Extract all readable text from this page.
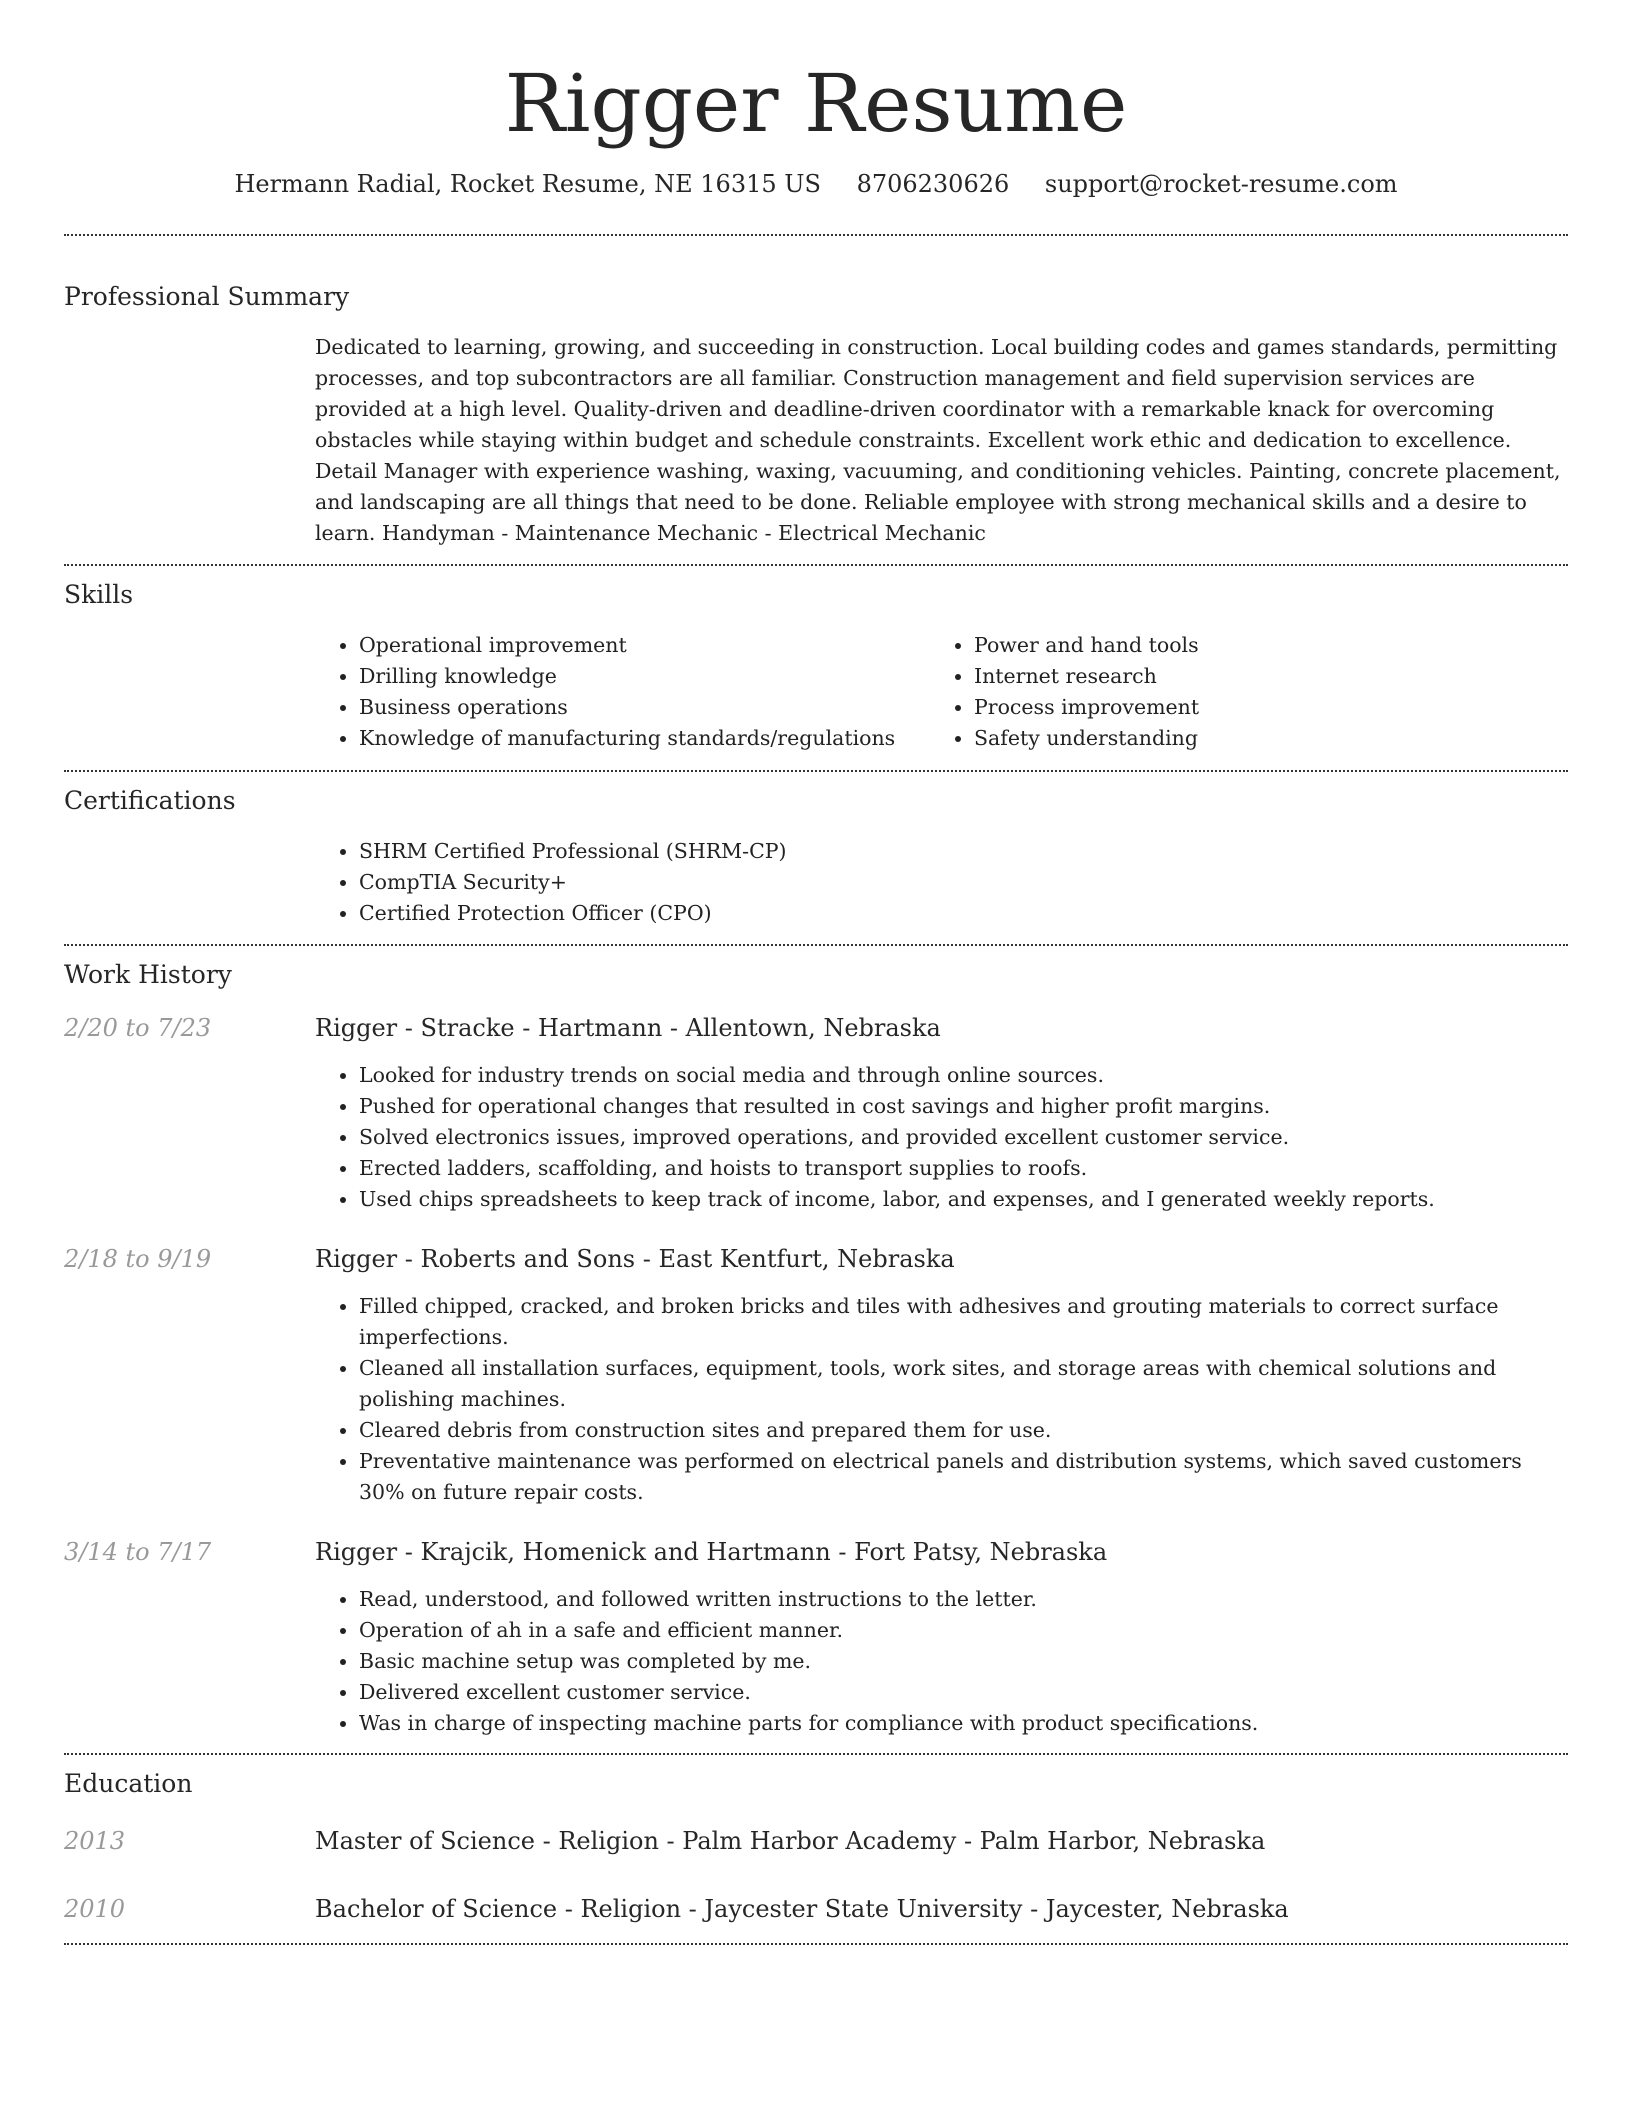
Rigger Resume
Hermann Radial, Rocket Resume, NE 16315 US 8706230626 support@rocket-resume.com
Professional Summary
Dedicated to learning, growing, and succeeding in construction. Local building codes and games standards, permitting processes, and top subcontractors are all familiar. Construction management and field supervision services are provided at a high level. Quality-driven and deadline-driven coordinator with a remarkable knack for overcoming obstacles while staying within budget and schedule constraints. Excellent work ethic and dedication to excellence. Detail Manager with experience washing, waxing, vacuuming, and conditioning vehicles. Painting, concrete placement, and landscaping are all things that need to be done. Reliable employee with strong mechanical skills and a desire to learn. Handyman - Maintenance Mechanic - Electrical Mechanic
Skills
• Operational improvement
• Drilling knowledge
• Business operations
• Knowledge of manufacturing standards/regulations
• Power and hand tools
• Internet research
• Process improvement
• Safety understanding
Certifications
• SHRM Certified Professional (SHRM-CP)
• CompTIA Security+
• Certified Protection Officer (CPO)
Work History
2/20 to 7/23	Rigger - Stracke - Hartmann - Allentown, Nebraska
• Looked for industry trends on social media and through online sources.
• Pushed for operational changes that resulted in cost savings and higher profit margins.
• Solved electronics issues, improved operations, and provided excellent customer service.
• Erected ladders, scaffolding, and hoists to transport supplies to roofs.
• Used chips spreadsheets to keep track of income, labor, and expenses, and I generated weekly reports.
2/18 to 9/19	Rigger - Roberts and Sons - East Kentfurt, Nebraska
• Filled chipped, cracked, and broken bricks and tiles with adhesives and grouting materials to correct surface imperfections.
• Cleaned all installation surfaces, equipment, tools, work sites, and storage areas with chemical solutions and polishing machines.
• Cleared debris from construction sites and prepared them for use.
• Preventative maintenance was performed on electrical panels and distribution systems, which saved customers 30% on future repair costs.
3/14 to 7/17	Rigger - Krajcik, Homenick and Hartmann - Fort Patsy, Nebraska
• Read, understood, and followed written instructions to the letter.
• Operation of ah in a safe and efficient manner.
• Basic machine setup was completed by me.
• Delivered excellent customer service.
• Was in charge of inspecting machine parts for compliance with product specifications.
Education
2013	Master of Science - Religion - Palm Harbor Academy - Palm Harbor, Nebraska
2010	Bachelor of Science - Religion - Jaycester State University - Jaycester, Nebraska
